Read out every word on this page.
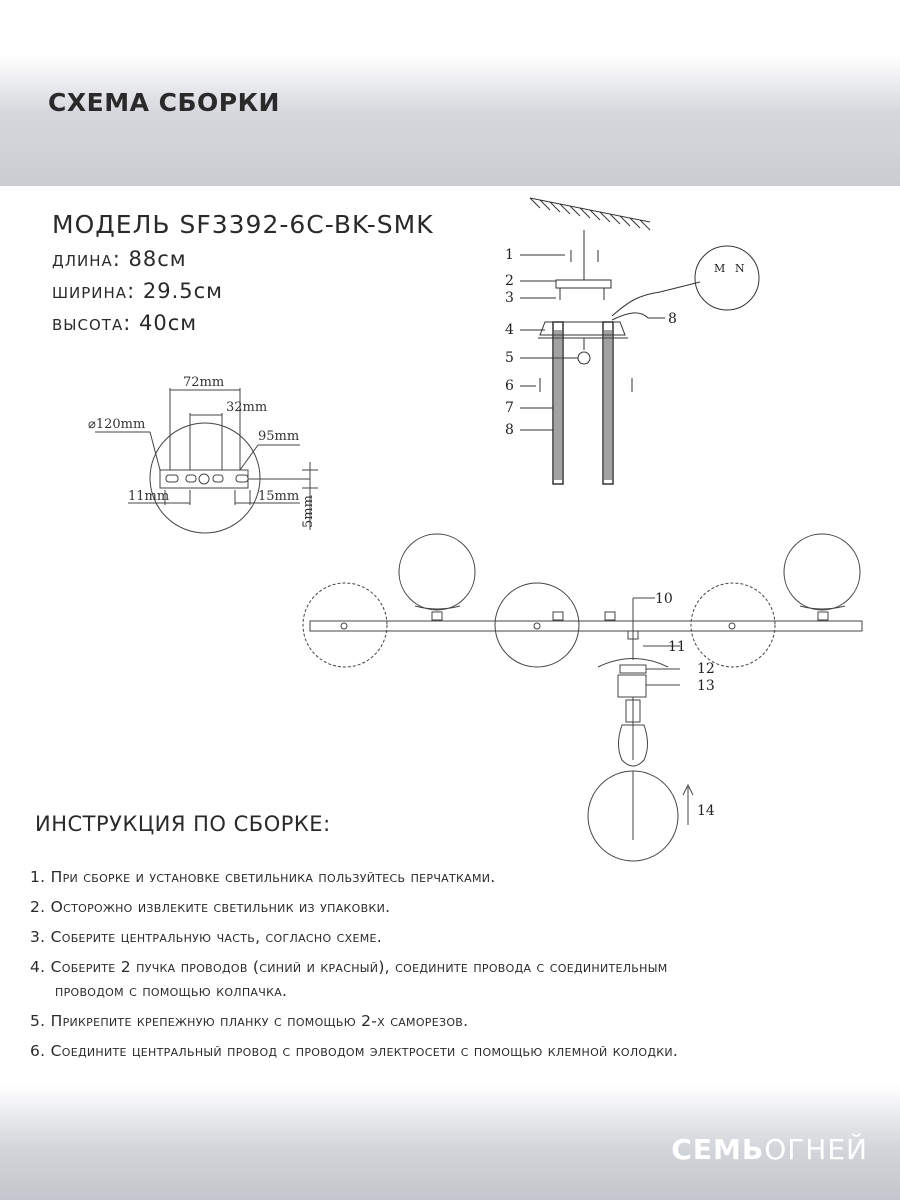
СХЕМА СБОРКИ
МОДЕЛЬ SF3392-6C-BK-SMK
длина: 88см
ширина: 29.5см
высота: 40см
72mm
32mm
95mm
⌀120mm
11mm	15mm 5mm
1
2
3
4
5
6
7
8
8
M N
10
11
12
13
14
ИНСТРУКЦИЯ ПО СБОРКЕ:
1. При сборке и установке светильника пользуйтесь перчатками.
2. Осторожно извлеките светильник из упаковки.
3. Соберите центральную часть, согласно схеме.
4. Соберите 2 пучка проводов (синий и красный), соедините провода с соединительным
проводом с помощью колпачка.
5. Прикрепите крепежную планку с помощью 2-х саморезов.
6. Соедините центральный провод с проводом электросети с помощью клемной колодки.
СЕМЬОГНЕЙ
